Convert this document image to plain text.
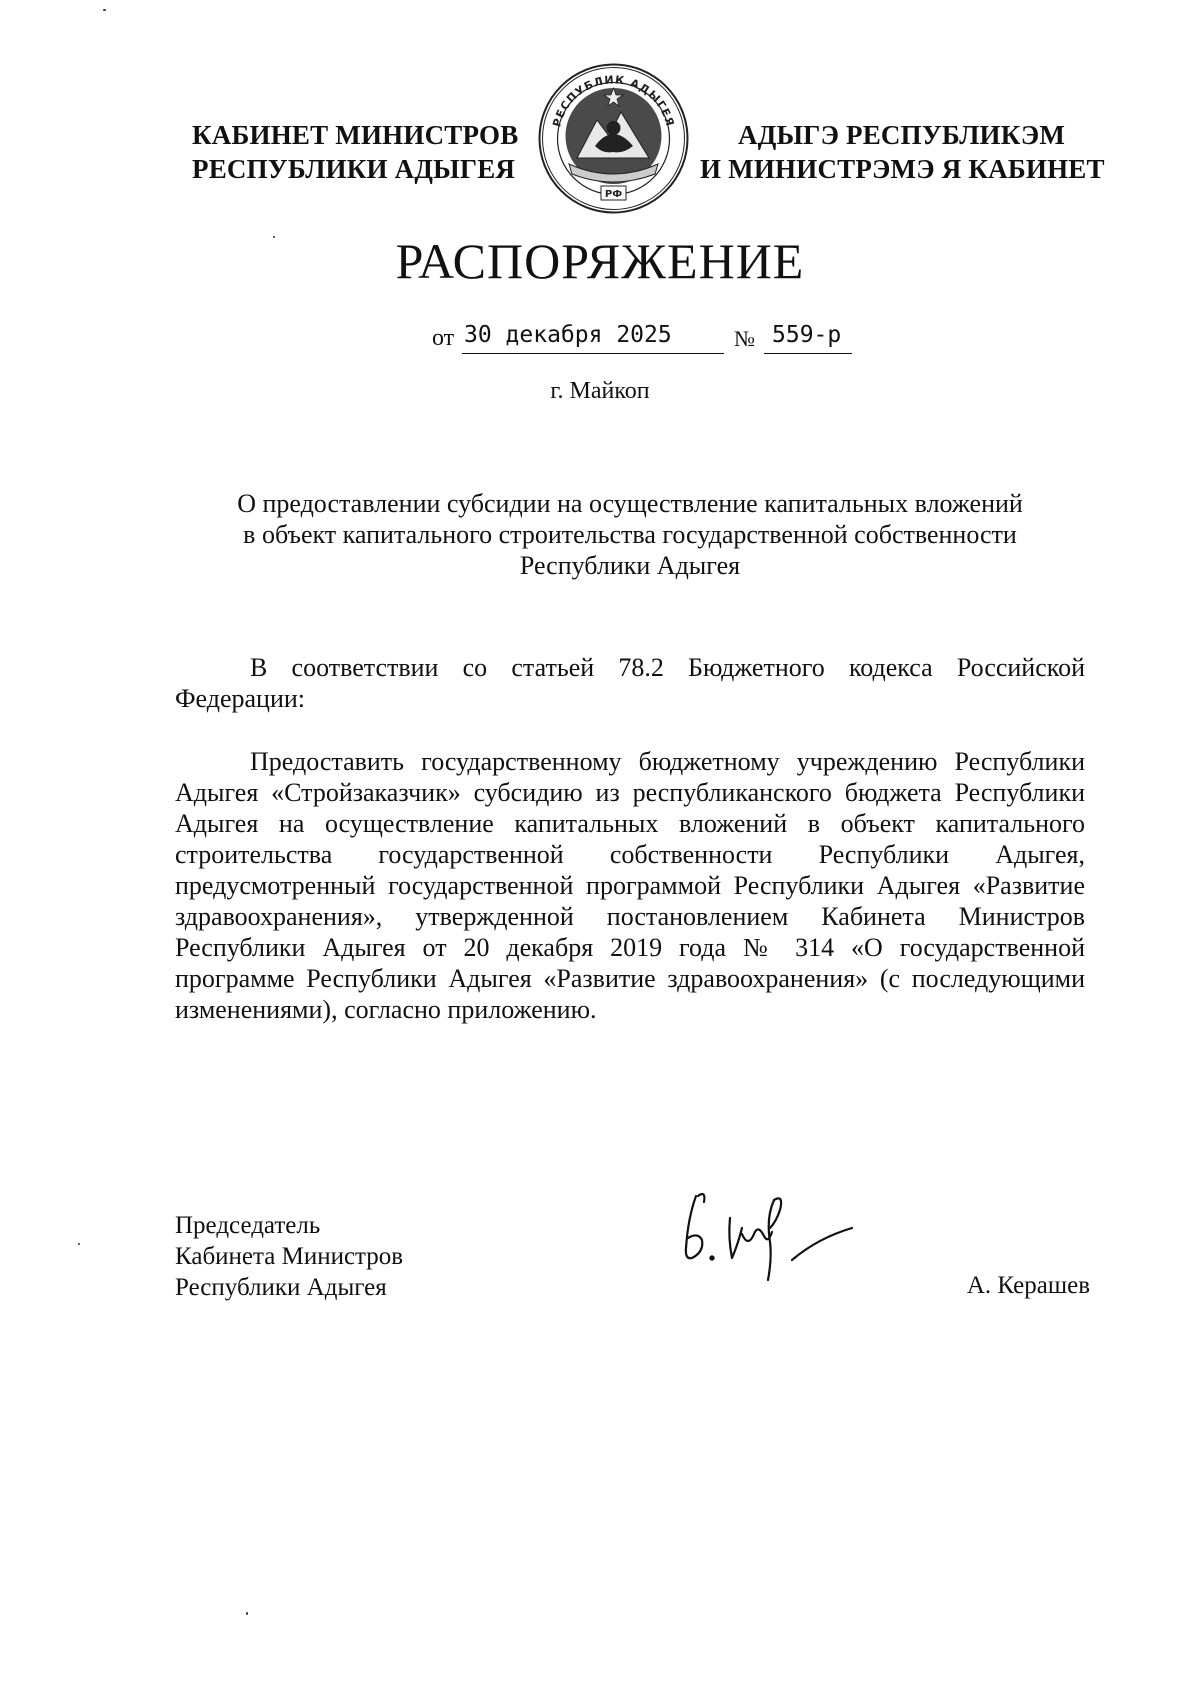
КАБИНЕТ МИНИСТРОВ
РЕСПУБЛИКИ АДЫГЕЯ
РЕСПУБЛИК АДЫГЕЯ
РФ
АДЫГЭ РЕСПУБЛИКЭМ
И МИНИСТРЭМЭ Я КАБИНЕТ
РАСПОРЯЖЕНИЕ
от 30 декабря 2025	№ 559-р
г. Майкоп
О предоставлении субсидии на осуществление капитальных вложений
в объект капитального строительства государственной собственности
Республики Адыгея
В соответствии со статьей 78.2 Бюджетного кодекса Российской Федерации:
Предоставить государственному бюджетному учреждению Республики Адыгея «Стройзаказчик» субсидию из республиканского бюджета Республики Адыгея на осуществление капитальных вложений в объект капитального строительства государственной собственности Республики Адыгея, предусмотренный государственной программой Республики Адыгея «Развитие здравоохранения», утвержденной постановлением Кабинета Министров Республики Адыгея от 20 декабря 2019 года № 314 «О государственной программе Республики Адыгея «Развитие здравоохранения» (с последующими изменениями), согласно приложению.
Председатель
Кабинета Министров
Республики Адыгея	А. Керашев
